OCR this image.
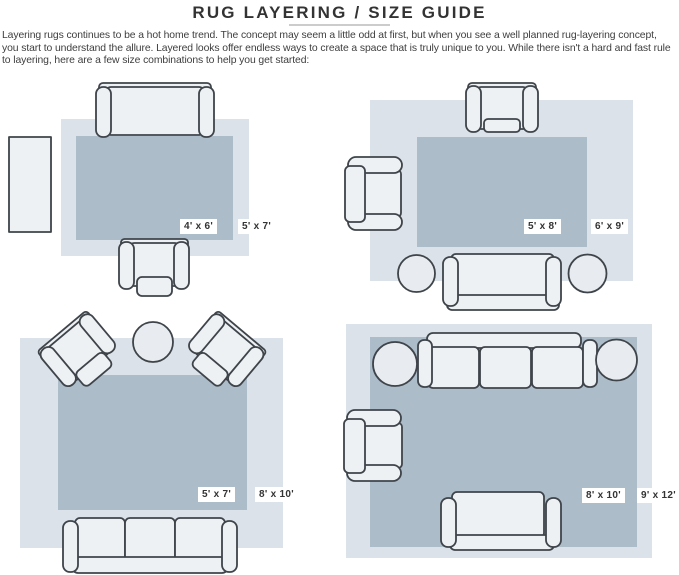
RUG LAYERING / SIZE GUIDE
Layering rugs continues to be a hot home trend. The concept may seem a little odd at first, but when you see a well planned rug-layering concept,
you start to understand the allure. Layered looks offer endless ways to create a space that is truly unique to you. While there isn't a hard and fast rule
to layering, here are a few size combinations to help you get started:
4' x 6'	5' x 7'	5' x 8'	6' x 9'
5' x 7'	8' x 10'	8' x 10'	9' x 12'
